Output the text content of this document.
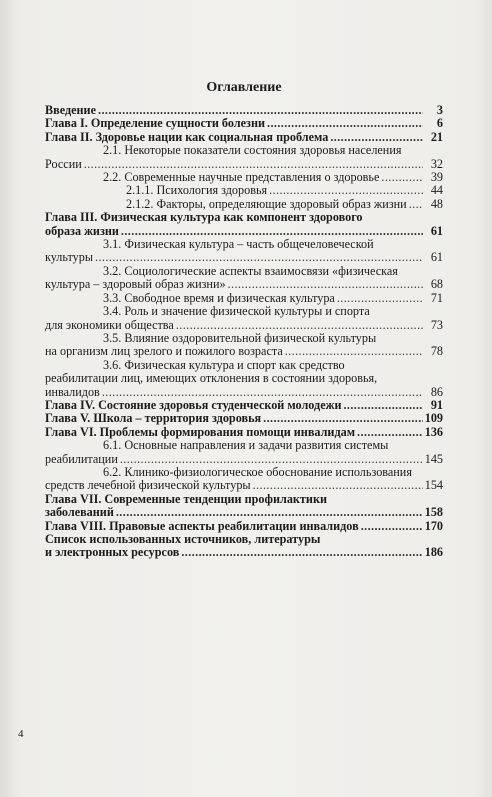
Оглавление
Введение .....	3
Глава I. Определение сущности болезни .....	6
Глава II. Здоровье нации как социальная проблема .....	21
2.1. Некоторые показатели состояния здоровья населения
России .....	32
2.2. Современные научные представления о здоровье .....	39
2.1.1. Психология здоровья .....	44
2.1.2. Факторы, определяющие здоровый образ жизни .....	48
Глава III. Физическая культура как компонент здорового
образа жизни .....	61
3.1. Физическая культура – часть общечеловеческой
культуры .....	61
3.2. Социологические аспекты взаимосвязи «физическая
культура – здоровый образ жизни» .....	68
3.3. Свободное время и физическая культура .....	71
3.4. Роль и значение физической культуры и спорта
для экономики общества .....	73
3.5. Влияние оздоровительной физической культуры
на организм лиц зрелого и пожилого возраста .....	78
3.6. Физическая культура и спорт как средство
реабилитации лиц, имеющих отклонения в состоянии здоровья,
инвалидов .....	86
Глава IV. Состояние здоровья студенческой молодежи .....	91
Глава V. Школа – территория здоровья .....	109
Глава VI. Проблемы формирования помощи инвалидам .....	136
6.1. Основные направления и задачи развития системы
реабилитации .....	145
6.2. Клинико-физиологическое обоснование использования
средств лечебной физической культуры .....	154
Глава VII. Современные тенденции профилактики
заболеваний .....	158
Глава VIII. Правовые аспекты реабилитации инвалидов .....	170
Список использованных источников, литературы
и электронных ресурсов .....	186
4
